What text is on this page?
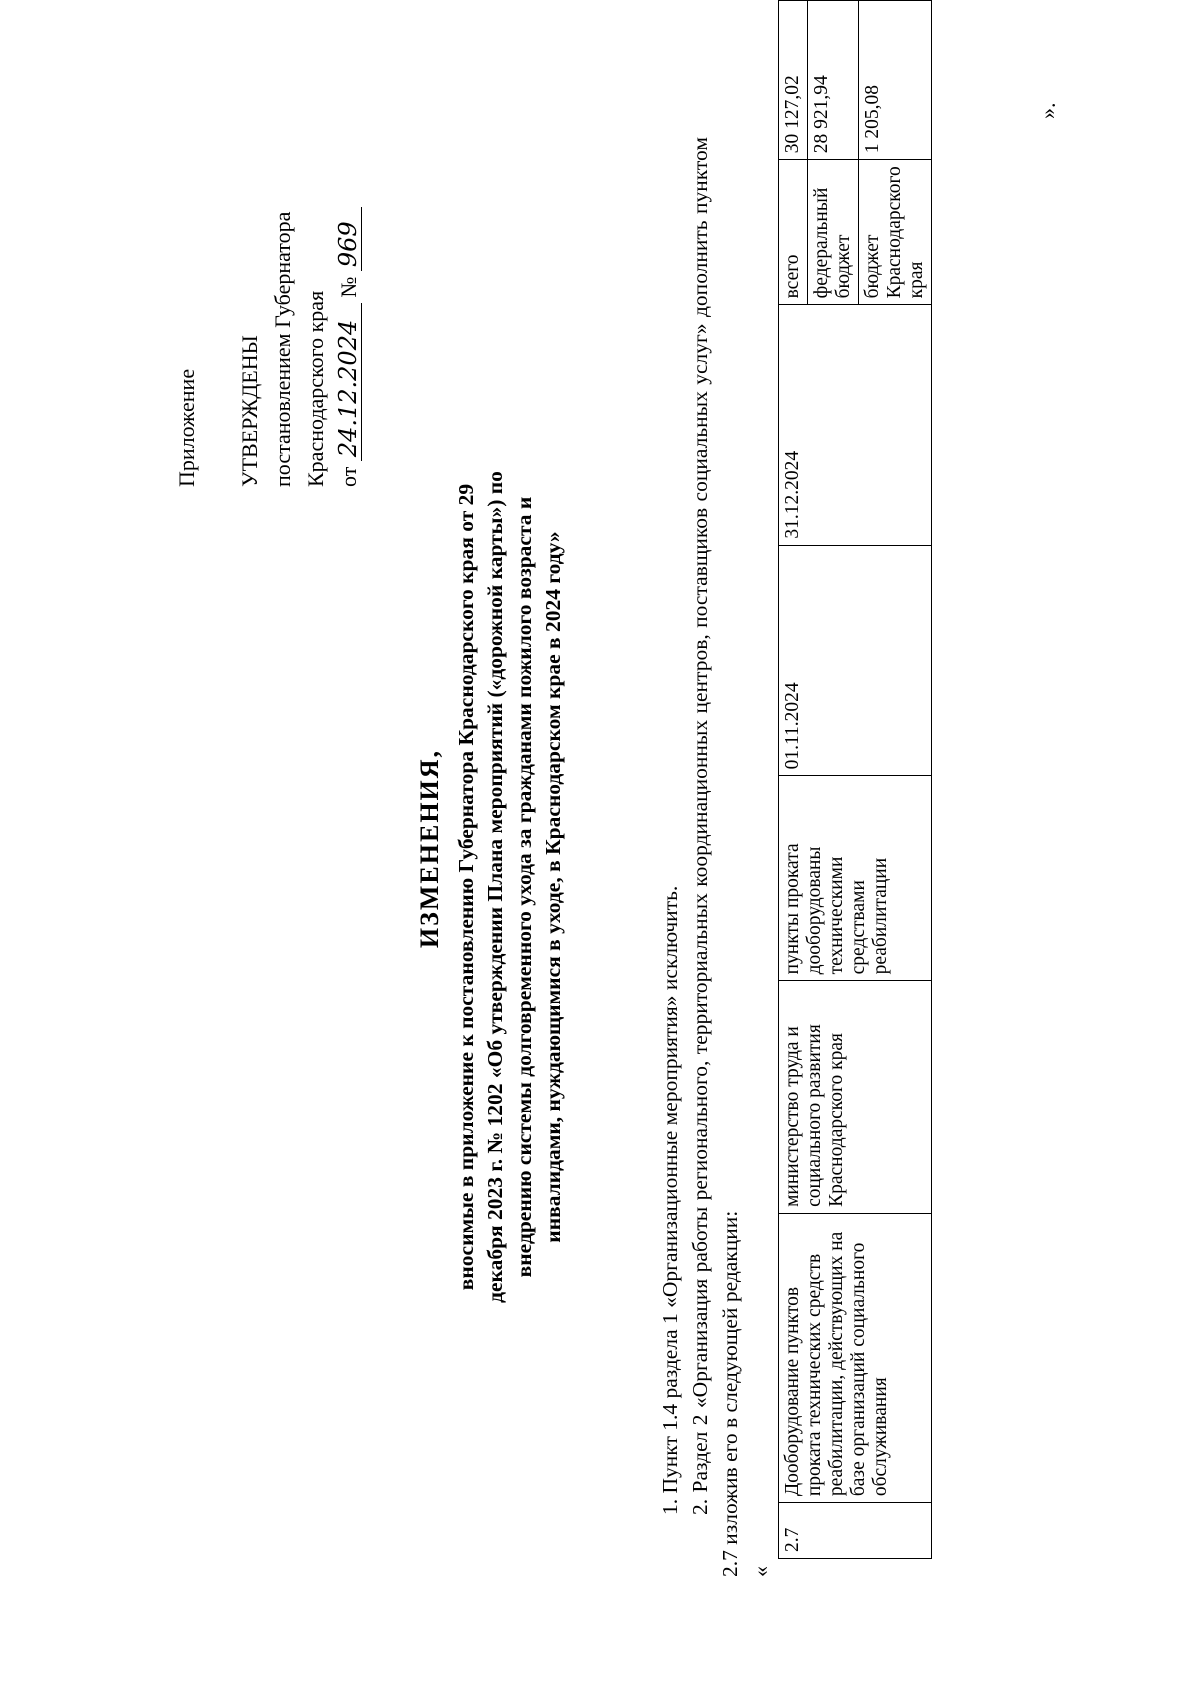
Приложение УТВЕРЖДЕНЫ постановлением Губернатора Краснодарского края от 24.12.2024 № 969
ИЗМЕНЕНИЯ, вносимые в приложение к постановлению Губернатора Краснодарского края от 29 декабря 2023 г. № 1202 «Об утверждении Плана мероприятий («дорожной карты») по внедрению системы долговременного ухода за гражданами пожилого возраста и инвалидами, нуждающимися в уходе, в Краснодарском крае в 2024 году»	1. Пункт 1.4 раздела 1 «Организационные мероприятия» исключить. 2. Раздел 2 «Организация работы регионального, территориальных координационных центров, поставщиков социальных услуг» дополнить пунктом 2.7 изложив его в следующей редакции: «
2.7	Дооборудование пунктов проката технических средств реабилитации, действующих на базе организаций социального обслуживания	министерство труда и социального развития Краснодарского края	пункты проката дооборудованы техническими средствами реабилитации	01.11.2024	31.12.2024	всего	30 127,02
						федеральный бюджет	28 921,94
						бюджет Краснодарского края	1 205,08	».
